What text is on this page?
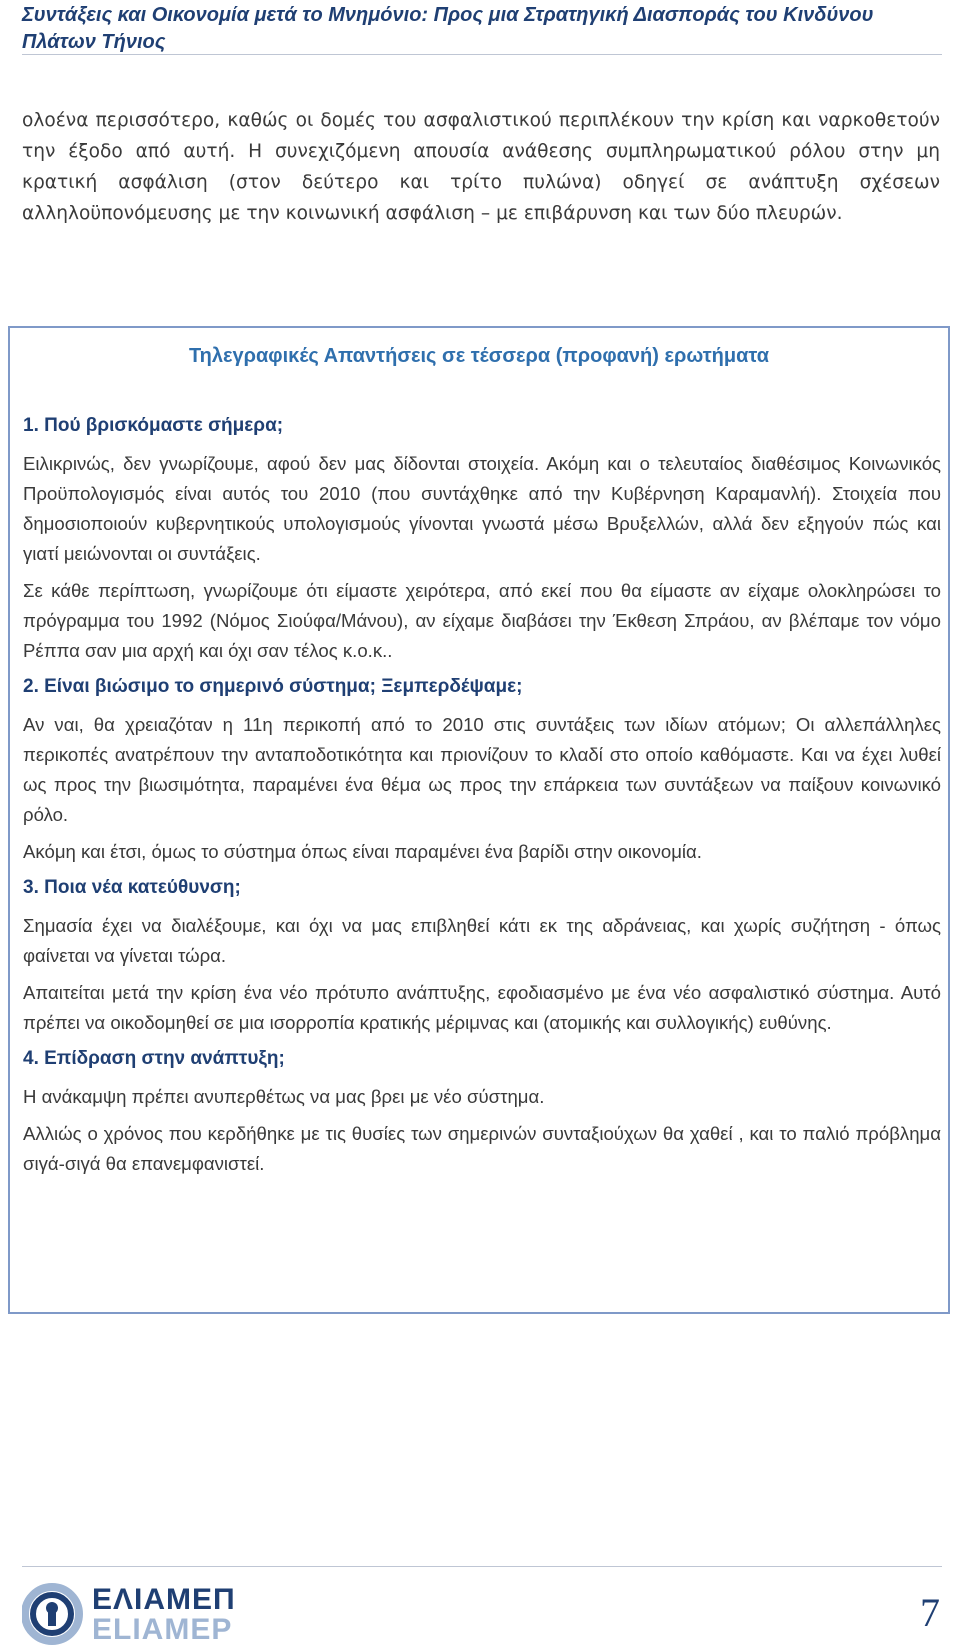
Συντάξεις και Οικονομία μετά το Μνημόνιο: Προς μια Στρατηγική Διασποράς του Κινδύνου
Πλάτων Τήνιος
ολοένα περισσότερο, καθώς οι δομές του ασφαλιστικού περιπλέκουν την κρίση και ναρκοθετούν την έξοδο από αυτή. Η συνεχιζόμενη απουσία ανάθεσης συμπληρωματικού ρόλου στην μη κρατική ασφάλιση (στον δεύτερο και τρίτο πυλώνα) οδηγεί σε ανάπτυξη σχέσεων αλληλοϋπονόμευσης με την κοινωνική ασφάλιση – με επιβάρυνση και των δύο πλευρών.
Τηλεγραφικές Απαντήσεις σε τέσσερα (προφανή) ερωτήματα
1. Πού βρισκόμαστε σήμερα;

Ειλικρινώς, δεν γνωρίζουμε, αφού δεν μας δίδονται στοιχεία. Ακόμη και ο τελευταίος διαθέσιμος Κοινωνικός Προϋπολογισμός είναι αυτός του 2010 (που συντάχθηκε από την Κυβέρνηση Καραμανλή). Στοιχεία που δημοσιοποιούν κυβερνητικούς υπολογισμούς γίνονται γνωστά μέσω Βρυξελλών, αλλά δεν εξηγούν πώς και γιατί μειώνονται οι συντάξεις.

Σε κάθε περίπτωση, γνωρίζουμε ότι είμαστε χειρότερα, από εκεί που θα είμαστε αν είχαμε ολοκληρώσει το πρόγραμμα του 1992 (Νόμος Σιούφα/Μάνου), αν είχαμε διαβάσει την Έκθεση Σπράου, αν βλέπαμε τον νόμο Ρέππα σαν μια αρχή και όχι σαν τέλος κ.ο.κ..

2. Είναι βιώσιμο το σημερινό σύστημα; Ξεμπερδέψαμε;

Αν ναι, θα χρειαζόταν η 11η περικοπή από το 2010 στις συντάξεις των ιδίων ατόμων; Οι αλλεπάλληλες περικοπές ανατρέπουν την ανταποδοτικότητα και πριονίζουν το κλαδί στο οποίο καθόμαστε. Και να έχει λυθεί ως προς την βιωσιμότητα, παραμένει ένα θέμα ως προς την επάρκεια των συντάξεων να παίξουν κοινωνικό ρόλο.

Ακόμη και έτσι, όμως το σύστημα όπως είναι παραμένει ένα βαρίδι στην οικονομία.

3. Ποια νέα κατεύθυνση;

Σημασία έχει να διαλέξουμε, και όχι να μας επιβληθεί κάτι εκ της αδράνειας, και χωρίς συζήτηση - όπως φαίνεται να γίνεται τώρα.

Απαιτείται μετά την κρίση ένα νέο πρότυπο ανάπτυξης, εφοδιασμένο με ένα νέο ασφαλιστικό σύστημα. Αυτό πρέπει να οικοδομηθεί σε μια ισορροπία κρατικής μέριμνας και (ατομικής και συλλογικής) ευθύνης.

4. Επίδραση στην ανάπτυξη;

Η ανάκαμψη πρέπει ανυπερθέτως να μας βρει με νέο σύστημα.

Αλλιώς ο χρόνος που κερδήθηκε με τις θυσίες των σημερινών συνταξιούχων θα χαθεί , και το παλιό πρόβλημα σιγά-σιγά θα επανεμφανιστεί.

ΕΛΙΑΜΕΠ
ELIAMEP	7
